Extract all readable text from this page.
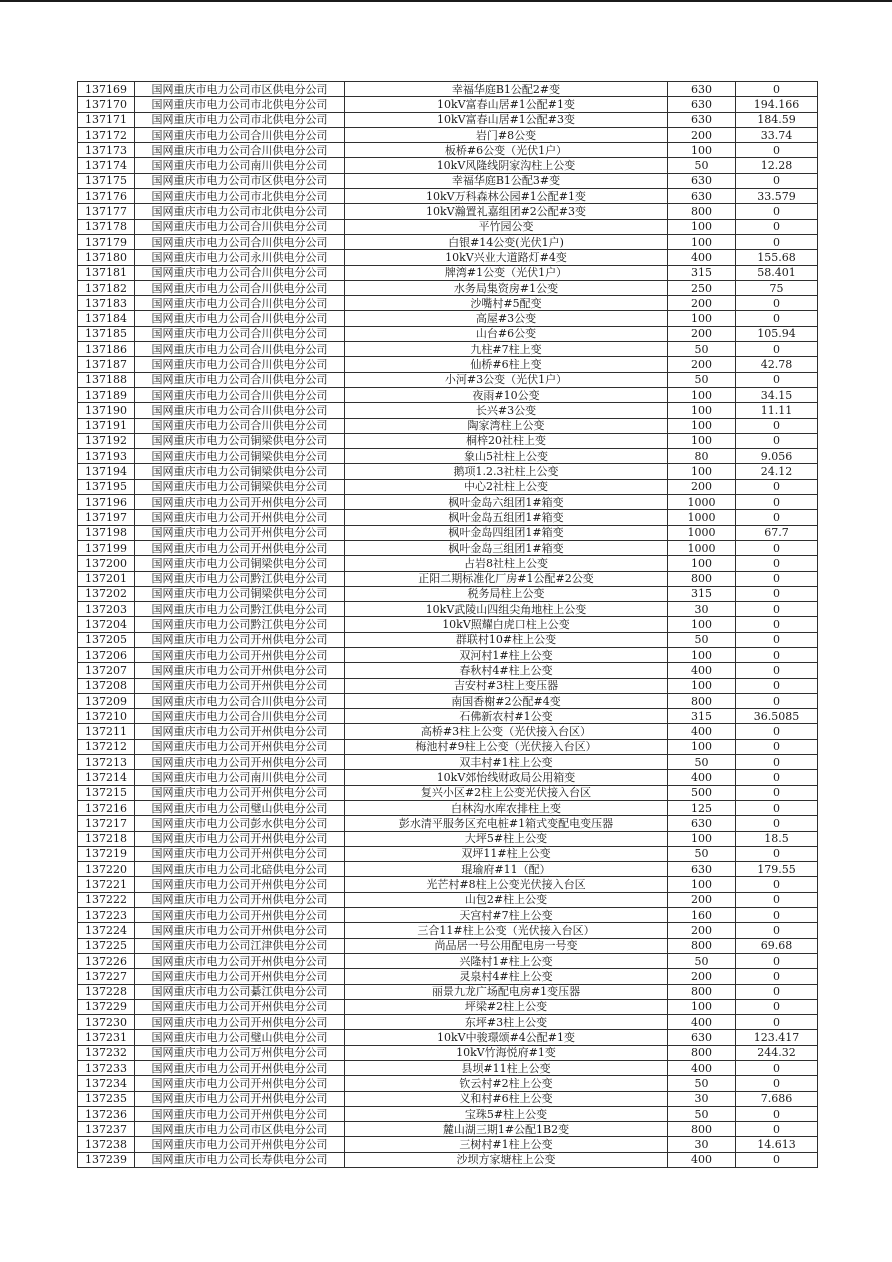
137169	国网重庆市电力公司市区供电分公司	幸福华庭B1公配2#变	630	0
137170	国网重庆市电力公司市北供电分公司	10kV富春山居#1公配#1变	630	194.166
137171	国网重庆市电力公司市北供电分公司	10kV富春山居#1公配#3变	630	184.59
137172	国网重庆市电力公司合川供电分公司	岩门#8公变	200	33.74
137173	国网重庆市电力公司合川供电分公司	板桥#6公变（光伏1户）	100	0
137174	国网重庆市电力公司南川供电分公司	10kV风隆线阴家沟柱上公变	50	12.28
137175	国网重庆市电力公司市区供电分公司	幸福华庭B1公配3#变	630	0
137176	国网重庆市电力公司市北供电分公司	10kV万科森林公园#1公配#1变	630	33.579
137177	国网重庆市电力公司市北供电分公司	10kV瀚置礼嘉组团#2公配#3变	800	0
137178	国网重庆市电力公司合川供电分公司	平竹园公变	100	0
137179	国网重庆市电力公司合川供电分公司	白银#14公变(光伏1户)	100	0
137180	国网重庆市电力公司永川供电分公司	10kV兴业大道路灯#4变	400	155.68
137181	国网重庆市电力公司合川供电分公司	牌湾#1公变（光伏1户）	315	58.401
137182	国网重庆市电力公司合川供电分公司	水务局集资房#1公变	250	75
137183	国网重庆市电力公司合川供电分公司	沙嘴村#5配变	200	0
137184	国网重庆市电力公司合川供电分公司	高屋#3公变	100	0
137185	国网重庆市电力公司合川供电分公司	山台#6公变	200	105.94
137186	国网重庆市电力公司合川供电分公司	九柱#7柱上变	50	0
137187	国网重庆市电力公司合川供电分公司	仙桥#6柱上变	200	42.78
137188	国网重庆市电力公司合川供电分公司	小河#3公变（光伏1户）	50	0
137189	国网重庆市电力公司合川供电分公司	夜雨#10公变	100	34.15
137190	国网重庆市电力公司合川供电分公司	长兴#3公变	100	11.11
137191	国网重庆市电力公司合川供电分公司	陶家湾柱上公变	100	0
137192	国网重庆市电力公司铜梁供电分公司	桐梓20社柱上变	100	0
137193	国网重庆市电力公司铜梁供电分公司	象山5社柱上公变	80	9.056
137194	国网重庆市电力公司铜梁供电分公司	鹅项1.2.3社柱上公变	100	24.12
137195	国网重庆市电力公司铜梁供电分公司	中心2社柱上公变	200	0
137196	国网重庆市电力公司开州供电分公司	枫叶金岛六组团1#箱变	1000	0
137197	国网重庆市电力公司开州供电分公司	枫叶金岛五组团1#箱变	1000	0
137198	国网重庆市电力公司开州供电分公司	枫叶金岛四组团1#箱变	1000	67.7
137199	国网重庆市电力公司开州供电分公司	枫叶金岛三组团1#箱变	1000	0
137200	国网重庆市电力公司铜梁供电分公司	占岩8社柱上公变	100	0
137201	国网重庆市电力公司黔江供电分公司	正阳二期标准化厂房#1公配#2公变	800	0
137202	国网重庆市电力公司铜梁供电分公司	税务局柱上公变	315	0
137203	国网重庆市电力公司黔江供电分公司	10kV武陵山四组尖角地柱上公变	30	0
137204	国网重庆市电力公司黔江供电分公司	10kV照耀白虎口柱上公变	100	0
137205	国网重庆市电力公司开州供电分公司	群联村10#柱上公变	50	0
137206	国网重庆市电力公司开州供电分公司	双河村1#柱上公变	100	0
137207	国网重庆市电力公司开州供电分公司	春秋村4#柱上公变	400	0
137208	国网重庆市电力公司开州供电分公司	吉安村#3柱上变压器	100	0
137209	国网重庆市电力公司合川供电分公司	南国香榭#2公配#4变	800	0
137210	国网重庆市电力公司合川供电分公司	石佛新农村#1公变	315	36.5085
137211	国网重庆市电力公司开州供电分公司	高桥#3柱上公变（光伏接入台区）	400	0
137212	国网重庆市电力公司开州供电分公司	梅池村#9柱上公变（光伏接入台区）	100	0
137213	国网重庆市电力公司开州供电分公司	双丰村#1柱上公变	50	0
137214	国网重庆市电力公司南川供电分公司	10kV郊怡线财政局公用箱变	400	0
137215	国网重庆市电力公司开州供电分公司	复兴小区#2柱上公变光伏接入台区	500	0
137216	国网重庆市电力公司璧山供电分公司	白林沟水库农排柱上变	125	0
137217	国网重庆市电力公司彭水供电分公司	彭水清平服务区充电桩#1箱式变配电变压器	630	0
137218	国网重庆市电力公司开州供电分公司	大坪5#柱上公变	100	18.5
137219	国网重庆市电力公司开州供电分公司	双坪11#柱上公变	50	0
137220	国网重庆市电力公司北碚供电分公司	琨瑜府#11（配）	630	179.55
137221	国网重庆市电力公司开州供电分公司	光芒村#8柱上公变光伏接入台区	100	0
137222	国网重庆市电力公司开州供电分公司	山包2#柱上公变	200	0
137223	国网重庆市电力公司开州供电分公司	天宫村#7柱上公变	160	0
137224	国网重庆市电力公司开州供电分公司	三合11#柱上公变（光伏接入台区）	200	0
137225	国网重庆市电力公司江津供电分公司	尚品居一号公用配电房一号变	800	69.68
137226	国网重庆市电力公司开州供电分公司	兴隆村1#柱上公变	50	0
137227	国网重庆市电力公司开州供电分公司	灵泉村4#柱上公变	200	0
137228	国网重庆市电力公司綦江供电分公司	丽景九龙广场配电房#1变压器	800	0
137229	国网重庆市电力公司开州供电分公司	坪梁#2柱上公变	100	0
137230	国网重庆市电力公司开州供电分公司	东坪#3柱上公变	400	0
137231	国网重庆市电力公司璧山供电分公司	10kV中骏璟颂#4公配#1变	630	123.417
137232	国网重庆市电力公司万州供电分公司	10kV竹海悦府#1变	800	244.32
137233	国网重庆市电力公司开州供电分公司	县坝#11柱上公变	400	0
137234	国网重庆市电力公司开州供电分公司	钦云村#2柱上公变	50	0
137235	国网重庆市电力公司开州供电分公司	义和村#6柱上公变	30	7.686
137236	国网重庆市电力公司开州供电分公司	宝珠5#柱上公变	50	0
137237	国网重庆市电力公司市区供电分公司	麓山湖三期1#公配1B2变	800	0
137238	国网重庆市电力公司开州供电分公司	三树村#1柱上公变	30	14.613
137239	国网重庆市电力公司长寿供电分公司	沙坝方家塘柱上公变	400	0
